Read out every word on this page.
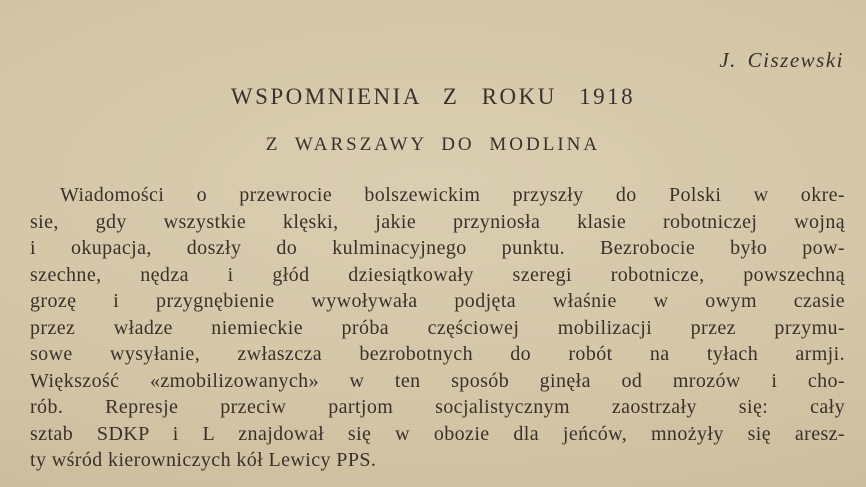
J. Ciszewski
WSPOMNIENIA Z ROKU 1918
Z WARSZAWY DO MODLINA
Wiadomości o przewrocie bolszewickim przyszły do Polski w okre-
sie, gdy wszystkie klęski, jakie przyniosła klasie robotniczej wojną
i okupacja, doszły do kulminacyjnego punktu. Bezrobocie było pow-
szechne, nędza i głód dziesiątkowały szeregi robotnicze, powszechną
grozę i przygnębienie wywoływała podjęta właśnie w owym czasie
przez władze niemieckie próba częściowej mobilizacji przez przymu-
sowe wysyłanie, zwłaszcza bezrobotnych do robót na tyłach armji.
Większość «zmobilizowanych» w ten sposób ginęła od mrozów i cho-
rób. Represje przeciw partjom socjalistycznym zaostrzały się: cały
sztab SDKP i L znajdował się w obozie dla jeńców, mnożyły się aresz-
ty wśród kierowniczych kół Lewicy PPS.
